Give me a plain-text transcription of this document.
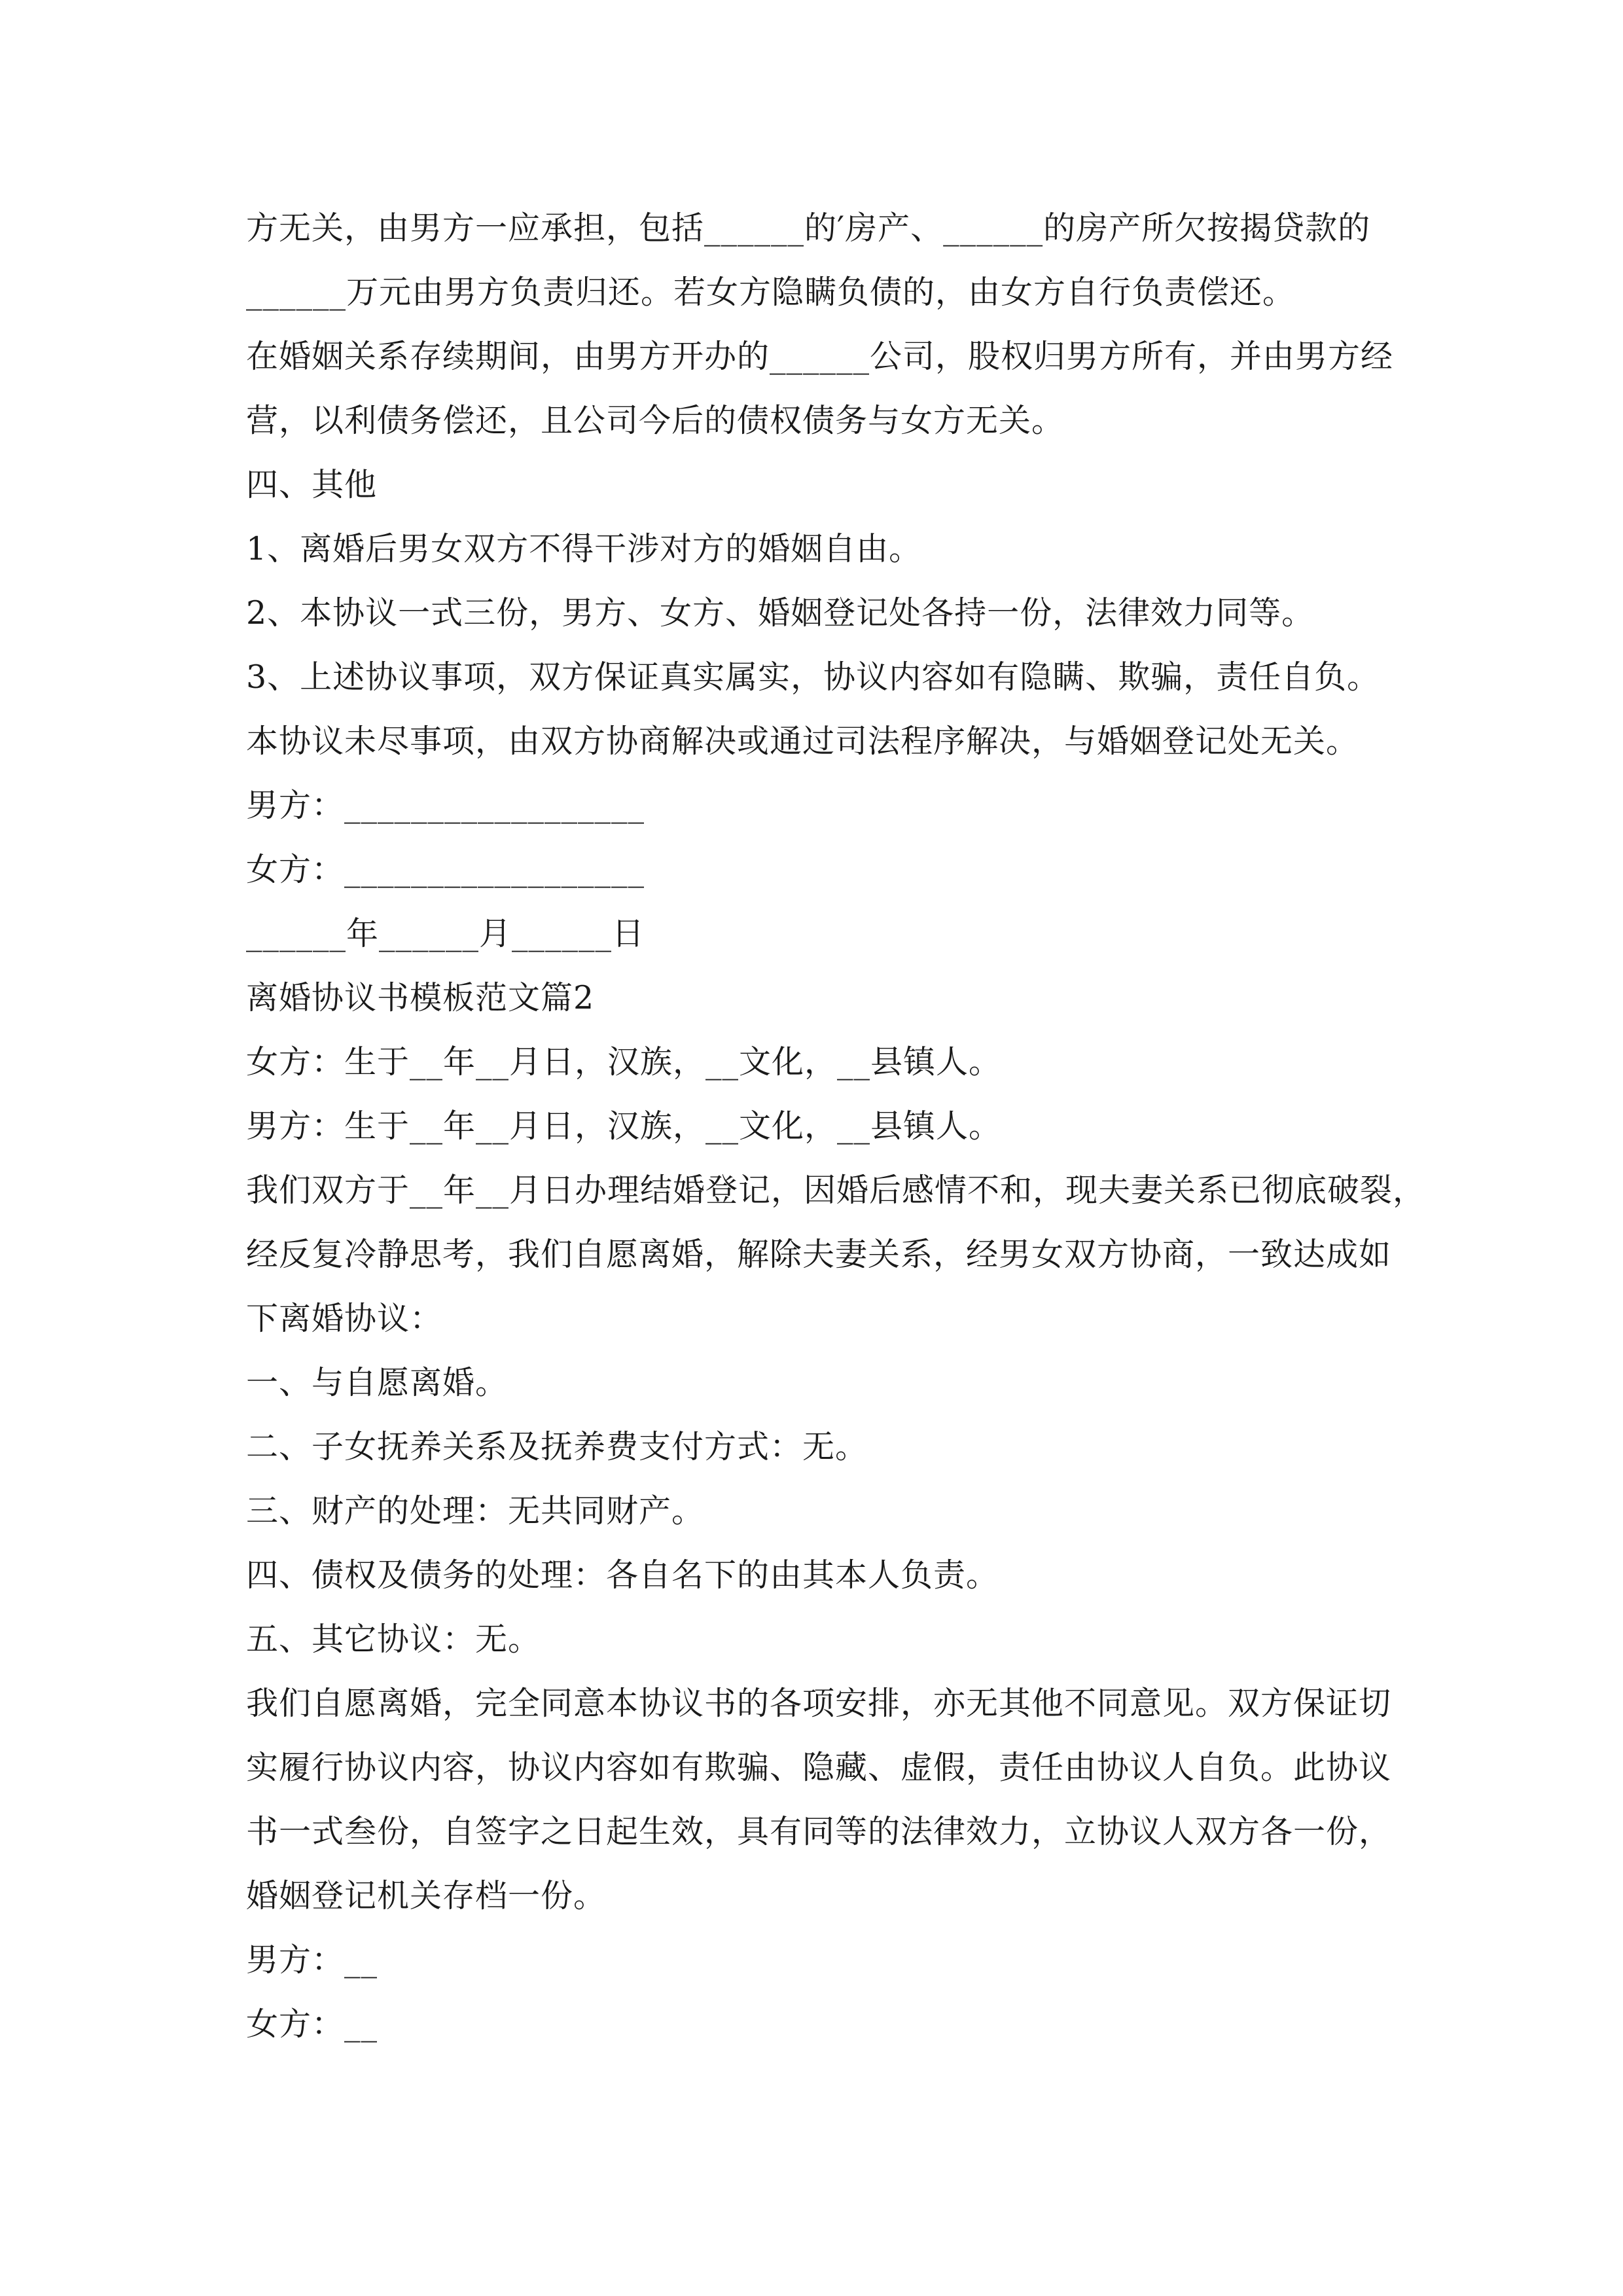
方无关，由男方一应承担，包括______的′房产、______的房产所欠按揭贷款的
______万元由男方负责归还。若女方隐瞒负债的，由女方自行负责偿还。
在婚姻关系存续期间，由男方开办的______公司，股权归男方所有，并由男方经
营，以利债务偿还，且公司今后的债权债务与女方无关。
四、其他
1、离婚后男女双方不得干涉对方的婚姻自由。
2、本协议一式三份，男方、女方、婚姻登记处各持一份，法律效力同等。
3、上述协议事项，双方保证真实属实，协议内容如有隐瞒、欺骗，责任自负。
本协议未尽事项，由双方协商解决或通过司法程序解决，与婚姻登记处无关。
男方：__________________
女方：__________________
______年______月______日
离婚协议书模板范文篇2
女方：生于__年__月日，汉族，__文化，__县镇人。
男方：生于__年__月日，汉族，__文化，__县镇人。
我们双方于__年__月日办理结婚登记，因婚后感情不和，现夫妻关系已彻底破裂，
经反复冷静思考，我们自愿离婚，解除夫妻关系，经男女双方协商，一致达成如
下离婚协议：
一、与自愿离婚。
二、子女抚养关系及抚养费支付方式：无。
三、财产的处理：无共同财产。
四、债权及债务的处理：各自名下的由其本人负责。
五、其它协议：无。
我们自愿离婚，完全同意本协议书的各项安排，亦无其他不同意见。双方保证切
实履行协议内容，协议内容如有欺骗、隐藏、虚假，责任由协议人自负。此协议
书一式叁份，自签字之日起生效，具有同等的法律效力，立协议人双方各一份，
婚姻登记机关存档一份。
男方：__
女方：__
